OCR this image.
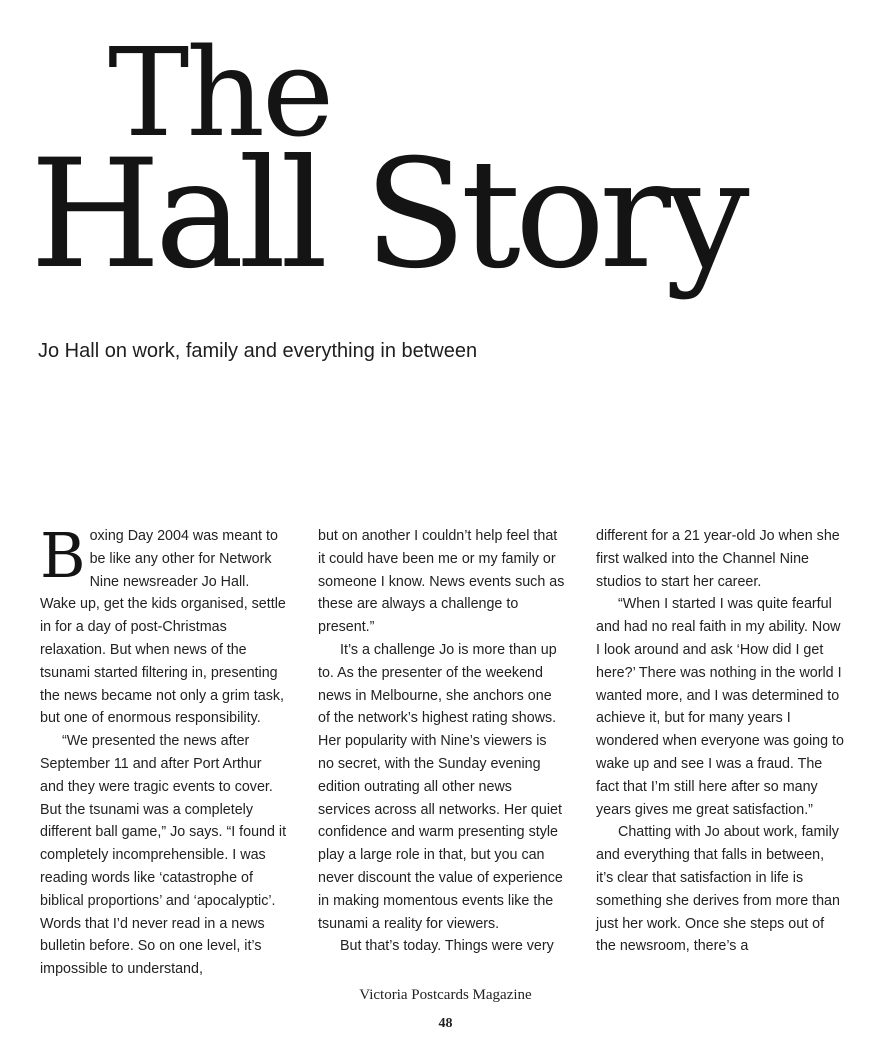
The
Hall Story
Jo Hall on work, family and everything in between

Boxing Day 2004 was meant to be like any other for Network Nine newsreader Jo Hall. Wake up, get the kids organised, settle in for a day of post-Christmas relaxation. But when news of the tsunami started filtering in, presenting the news became not only a grim task, but one of enormous responsibility.

“We presented the news after September 11 and after Port Arthur and they were tragic events to cover. But the tsunami was a completely different ball game,” Jo says. “I found it completely incomprehensible. I was reading words like ‘catastrophe of biblical proportions’ and ‘apocalyptic’. Words that I’d never read in a news bulletin before. So on one level, it’s impossible to understand,

but on another I couldn’t help feel that it could have been me or my family or someone I know. News events such as these are always a challenge to present.”

It’s a challenge Jo is more than up to. As the presenter of the weekend news in Melbourne, she anchors one of the network’s highest rating shows. Her popularity with Nine’s viewers is no secret, with the Sunday evening edition outrating all other news services across all networks. Her quiet confidence and warm presenting style play a large role in that, but you can never discount the value of experience in making momentous events like the tsunami a reality for viewers.

But that’s today. Things were very

different for a 21 year-old Jo when she first walked into the Channel Nine studios to start her career.

“When I started I was quite fearful and had no real faith in my ability. Now I look around and ask ‘How did I get here?’ There was nothing in the world I wanted more, and I was determined to achieve it, but for many years I wondered when everyone was going to wake up and see I was a fraud. The fact that I’m still here after so many years gives me great satisfaction.”

Chatting with Jo about work, family and everything that falls in between, it’s clear that satisfaction in life is something she derives from more than just her work. Once she steps out of the newsroom, there’s a

Victoria Postcards Magazine
48
